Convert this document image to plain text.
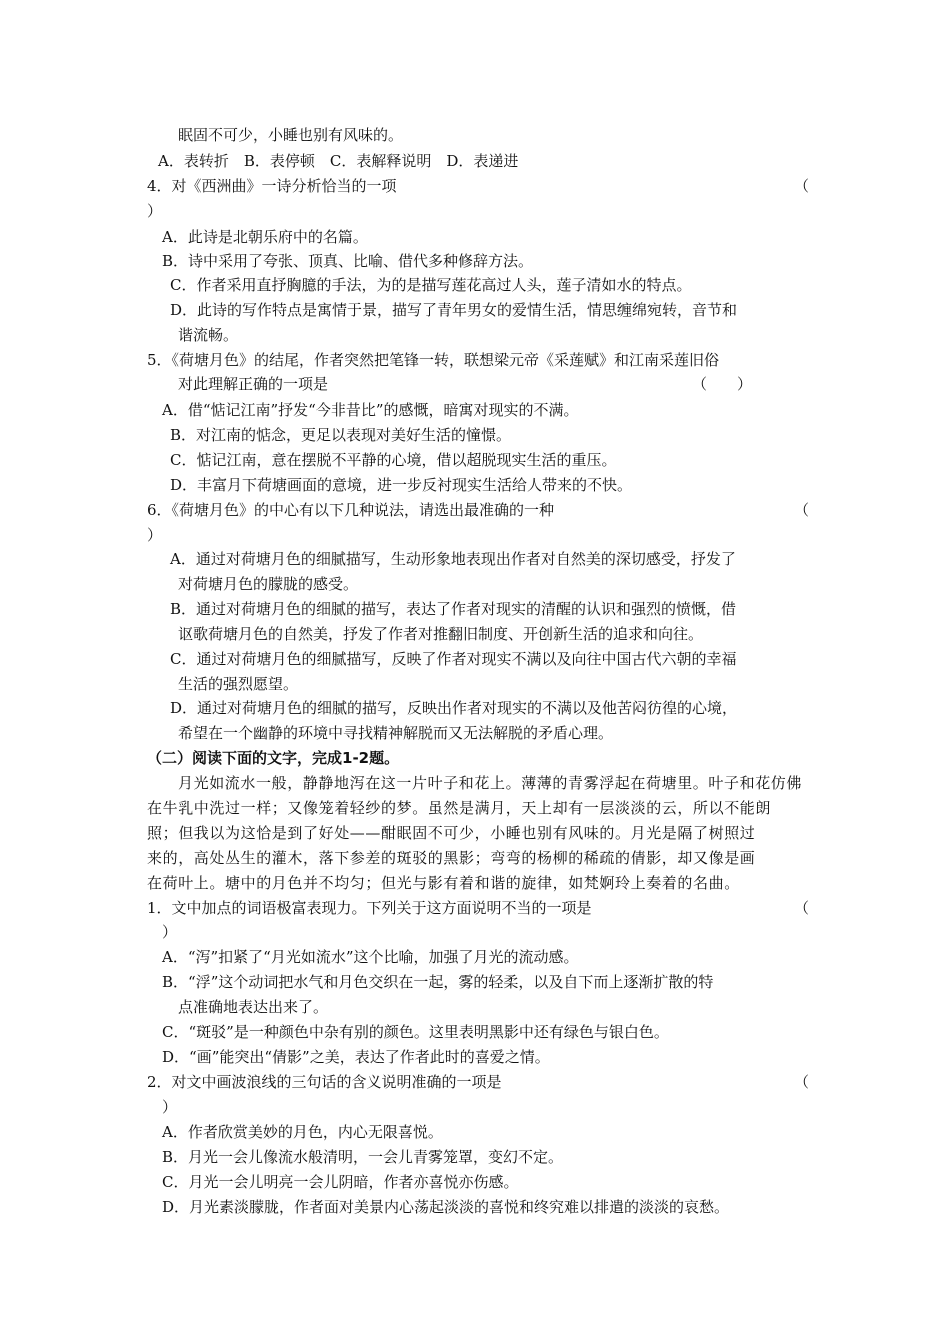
眠固不可少，小睡也别有风味的。
A．表转折　B．表停顿　C．表解释说明　D．表递进
4．对《西洲曲》一诗分析恰当的一项	（
）
A．此诗是北朝乐府中的名篇。
B．诗中采用了夸张、顶真、比喻、借代多种修辞方法。
C．作者采用直抒胸臆的手法，为的是描写莲花高过人头，莲子清如水的特点。
D．此诗的写作特点是寓情于景，描写了青年男女的爱情生活，情思缠绵宛转，音节和
谐流畅。
5．《荷塘月色》的结尾，作者突然把笔锋一转，联想梁元帝《采莲赋》和江南采莲旧俗
对此理解正确的一项是	（　　）
A．借“惦记江南”抒发“今非昔比”的感慨，暗寓对现实的不满。
B．对江南的惦念，更足以表现对美好生活的憧憬。
C．惦记江南，意在摆脱不平静的心境，借以超脱现实生活的重压。
D．丰富月下荷塘画面的意境，进一步反衬现实生活给人带来的不快。
6．《荷塘月色》的中心有以下几种说法，请选出最准确的一种	（
）
A．通过对荷塘月色的细腻描写，生动形象地表现出作者对自然美的深切感受，抒发了
对荷塘月色的朦胧的感受。
B．通过对荷塘月色的细腻的描写，表达了作者对现实的清醒的认识和强烈的愤慨，借
讴歌荷塘月色的自然美，抒发了作者对推翻旧制度、开创新生活的追求和向往。
C．通过对荷塘月色的细腻描写，反映了作者对现实不满以及向往中国古代六朝的幸福
生活的强烈愿望。
D．通过对荷塘月色的细腻的描写，反映出作者对现实的不满以及他苦闷彷徨的心境，
希望在一个幽静的环境中寻找精神解脱而又无法解脱的矛盾心理。
（二）阅读下面的文字，完成1-2题。
月光如流水一般，静静地泻在这一片叶子和花上。薄薄的青雾浮起在荷塘里。叶子和花仿佛
在牛乳中洗过一样；又像笼着轻纱的梦。虽然是满月，天上却有一层淡淡的云，所以不能朗
照；但我以为这恰是到了好处——酣眠固不可少，小睡也别有风味的。月光是隔了树照过
来的，高处丛生的灌木，落下参差的斑驳的黑影；弯弯的杨柳的稀疏的倩影，却又像是画
在荷叶上。塘中的月色并不均匀；但光与影有着和谐的旋律，如梵婀玲上奏着的名曲。
1．文中加点的词语极富表现力。下列关于这方面说明不当的一项是	（
）
A．“泻”扣紧了“月光如流水”这个比喻，加强了月光的流动感。
B．“浮”这个动词把水气和月色交织在一起，雾的轻柔，以及自下而上逐渐扩散的特
点准确地表达出来了。
C．“斑驳”是一种颜色中杂有别的颜色。这里表明黑影中还有绿色与银白色。
D．“画”能突出“倩影”之美，表达了作者此时的喜爱之情。
2．对文中画波浪线的三句话的含义说明准确的一项是	（
）
A．作者欣赏美妙的月色，内心无限喜悦。
B．月光一会儿像流水般清明，一会儿青雾笼罩，变幻不定。
C．月光一会儿明亮一会儿阴暗，作者亦喜悦亦伤感。
D．月光素淡朦胧，作者面对美景内心荡起淡淡的喜悦和终究难以排遣的淡淡的哀愁。
